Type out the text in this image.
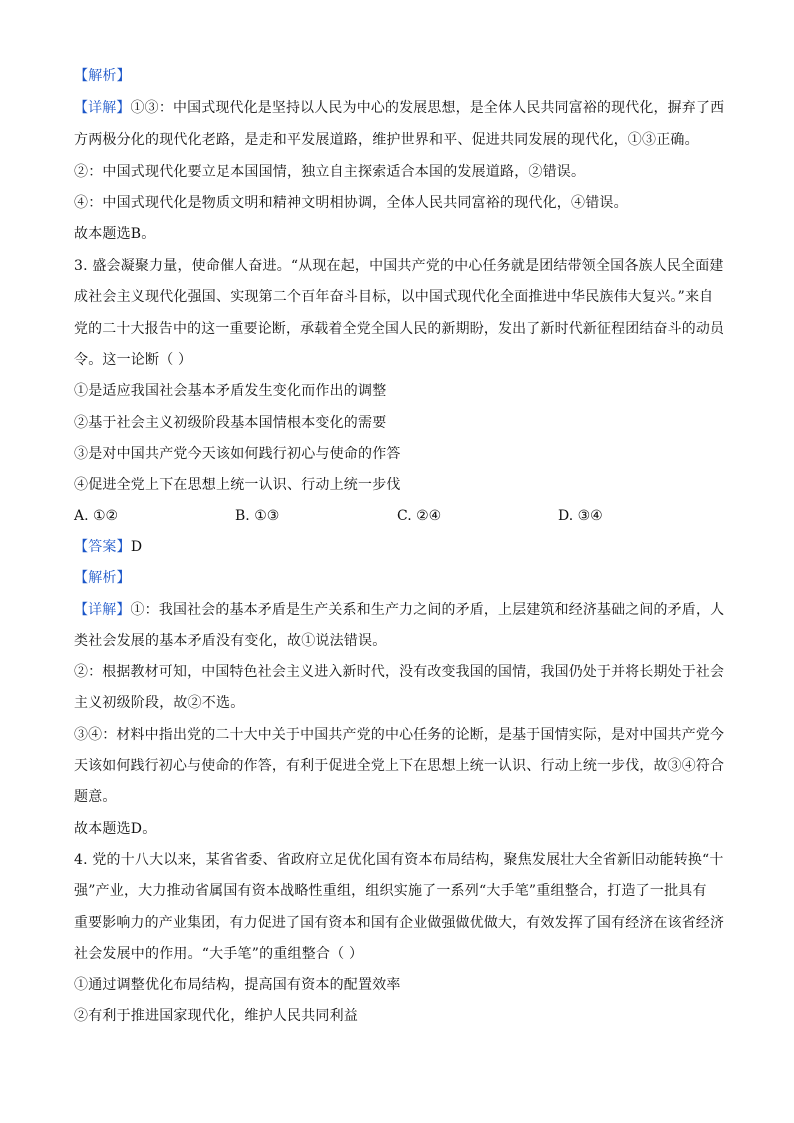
【解析】
【详解】①③：中国式现代化是坚持以人民为中心的发展思想，是全体人民共同富裕的现代化，摒弃了西
方两极分化的现代化老路，是走和平发展道路，维护世界和平、促进共同发展的现代化，①③正确。
②：中国式现代化要立足本国国情，独立自主探索适合本国的发展道路，②错误。
④：中国式现代化是物质文明和精神文明相协调，全体人民共同富裕的现代化，④错误。
故本题选B。
3. 盛会凝聚力量，使命催人奋进。“从现在起，中国共产党的中心任务就是团结带领全国各族人民全面建
成社会主义现代化强国、实现第二个百年奋斗目标，以中国式现代化全面推进中华民族伟大复兴。”来自
党的二十大报告中的这一重要论断，承载着全党全国人民的新期盼，发出了新时代新征程团结奋斗的动员
令。这一论断（ ）
①是适应我国社会基本矛盾发生变化而作出的调整
②基于社会主义初级阶段基本国情根本变化的需要
③是对中国共产党今天该如何践行初心与使命的作答
④促进全党上下在思想上统一认识、行动上统一步伐
A. ①②	B. ①③	C. ②④	D. ③④
【答案】D
【解析】
【详解】①：我国社会的基本矛盾是生产关系和生产力之间的矛盾，上层建筑和经济基础之间的矛盾，人
类社会发展的基本矛盾没有变化，故①说法错误。
②：根据教材可知，中国特色社会主义进入新时代，没有改变我国的国情，我国仍处于并将长期处于社会
主义初级阶段，故②不选。
③④：材料中指出党的二十大中关于中国共产党的中心任务的论断，是基于国情实际，是对中国共产党今
天该如何践行初心与使命的作答，有利于促进全党上下在思想上统一认识、行动上统一步伐，故③④符合
题意。
故本题选D。
4. 党的十八大以来，某省省委、省政府立足优化国有资本布局结构，聚焦发展壮大全省新旧动能转换“十
强”产业，大力推动省属国有资本战略性重组，组织实施了一系列“大手笔”重组整合，打造了一批具有
重要影响力的产业集团，有力促进了国有资本和国有企业做强做优做大，有效发挥了国有经济在该省经济
社会发展中的作用。“大手笔”的重组整合（ ）
①通过调整优化布局结构，提高国有资本的配置效率
②有利于推进国家现代化，维护人民共同利益
